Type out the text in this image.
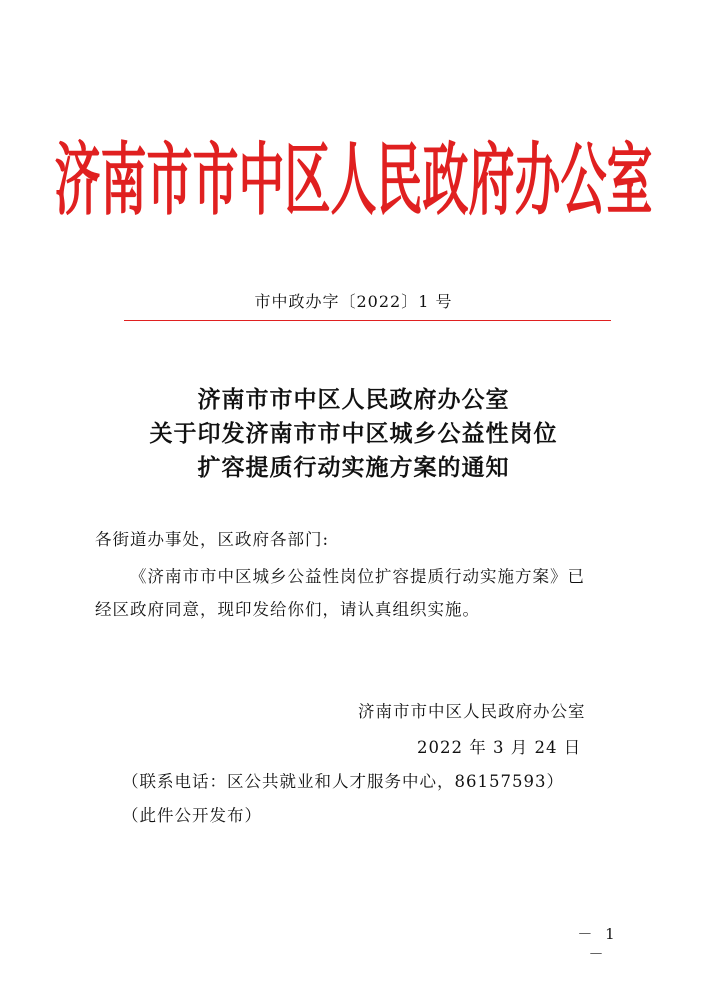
济南市市中区人民政府办公室
市中政办字〔2022〕1 号
济南市市中区人民政府办公室
关于印发济南市市中区城乡公益性岗位
扩容提质行动实施方案的通知
各街道办事处，区政府各部门:
《济南市市中区城乡公益性岗位扩容提质行动实施方案》已
经区政府同意，现印发给你们，请认真组织实施。
济南市市中区人民政府办公室
2022 年 3 月 24 日
（联系电话：区公共就业和人才服务中心，86157593）
（此件公开发布）
－ 1 －
